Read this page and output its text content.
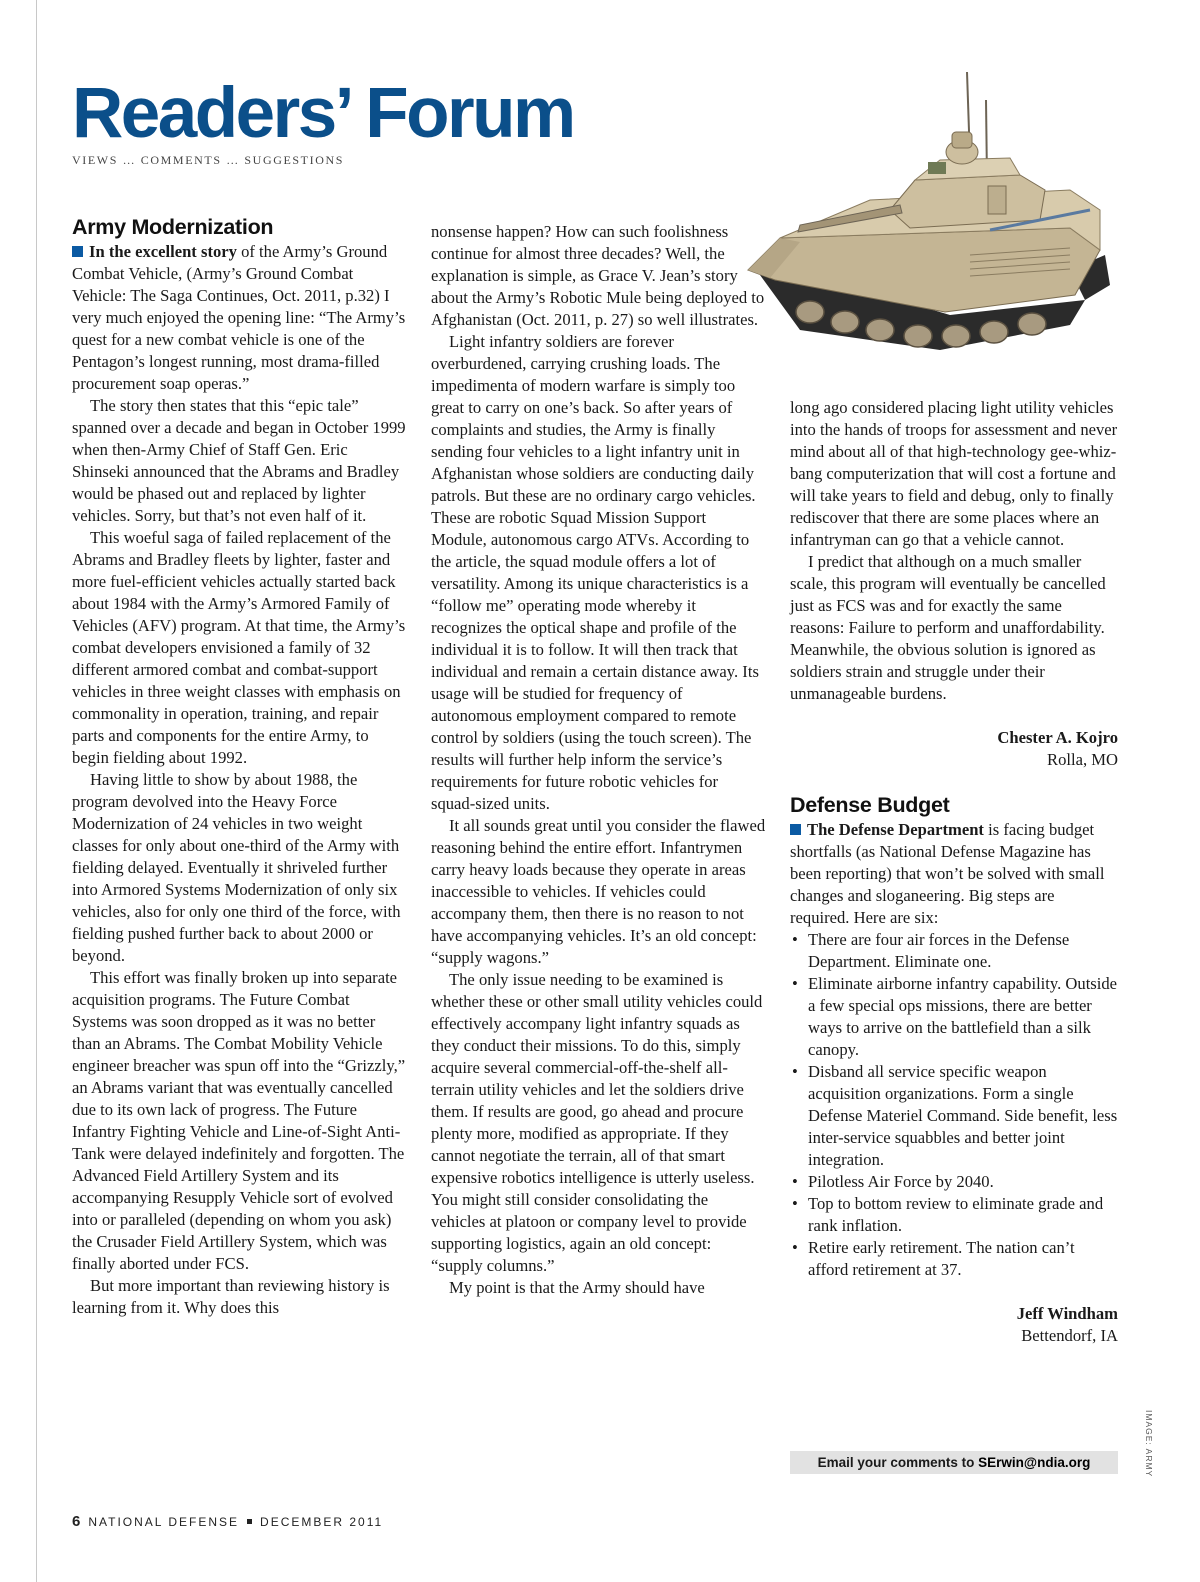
Readers’ Forum
VIEWS … COMMENTS … SUGGESTIONS
Army Modernization

In the excellent story of the Army’s Ground Combat Vehicle, (Army’s Ground Combat Vehicle: The Saga Continues, Oct. 2011, p.32) I very much enjoyed the opening line: “The Army’s quest for a new combat vehicle is one of the Pentagon’s longest running, most drama-filled procurement soap operas.”

The story then states that this “epic tale” spanned over a decade and began in October 1999 when then-Army Chief of Staff Gen. Eric Shinseki announced that the Abrams and Bradley would be phased out and replaced by lighter vehicles. Sorry, but that’s not even half of it.

This woeful saga of failed replacement of the Abrams and Bradley fleets by lighter, faster and more fuel-efficient vehicles actually started back about 1984 with the Army’s Armored Family of Vehicles (AFV) program. At that time, the Army’s combat developers envisioned a family of 32 different armored combat and combat-support vehicles in three weight classes with emphasis on commonality in operation, training, and repair parts and components for the entire Army, to begin fielding about 1992.

Having little to show by about 1988, the program devolved into the Heavy Force Modernization of 24 vehicles in two weight classes for only about one-third of the Army with fielding delayed. Eventually it shriveled further into Armored Systems Modernization of only six vehicles, also for only one third of the force, with fielding pushed further back to about 2000 or beyond.

This effort was finally broken up into separate acquisition programs. The Future Combat Systems was soon dropped as it was no better than an Abrams. The Combat Mobility Vehicle engineer breacher was spun off into the “Grizzly,” an Abrams variant that was eventually cancelled due to its own lack of progress. The Future Infantry Fighting Vehicle and Line-of-Sight Anti-Tank were delayed indefinitely and forgotten. The Advanced Field Artillery System and its accompanying Resupply Vehicle sort of evolved into or paralleled (depending on whom you ask) the Crusader Field Artillery System, which was finally aborted under FCS.

But more important than reviewing history is learning from it. Why does this

nonsense happen? How can such foolishness continue for almost three decades? Well, the explanation is simple, as Grace V. Jean’s story about the Army’s Robotic Mule being deployed to Afghanistan (Oct. 2011, p. 27) so well illustrates.

Light infantry soldiers are forever overburdened, carrying crushing loads. The impedimenta of modern warfare is simply too great to carry on one’s back. So after years of complaints and studies, the Army is finally sending four vehicles to a light infantry unit in Afghanistan whose soldiers are conducting daily patrols. But these are no ordinary cargo vehicles. These are robotic Squad Mission Support Module, autonomous cargo ATVs. According to the article, the squad module offers a lot of versatility. Among its unique characteristics is a “follow me” operating mode whereby it recognizes the optical shape and profile of the individual it is to follow. It will then track that individual and remain a certain distance away. Its usage will be studied for frequency of autonomous employment compared to remote control by soldiers (using the touch screen). The results will further help inform the service’s requirements for future robotic vehicles for squad-sized units.

It all sounds great until you consider the flawed reasoning behind the entire effort. Infantrymen carry heavy loads because they operate in areas inaccessible to vehicles. If vehicles could accompany them, then there is no reason to not have accompanying vehicles. It’s an old concept: “supply wagons.”

The only issue needing to be examined is whether these or other small utility vehicles could effectively accompany light infantry squads as they conduct their missions. To do this, simply acquire several commercial-off-the-shelf all-terrain utility vehicles and let the soldiers drive them. If results are good, go ahead and procure plenty more, modified as appropriate. If they cannot negotiate the terrain, all of that smart expensive robotics intelligence is utterly useless. You might still consider consolidating the vehicles at platoon or company level to provide supporting logistics, again an old concept: “supply columns.”

My point is that the Army should have

long ago considered placing light utility vehicles into the hands of troops for assessment and never mind about all of that high-technology gee-whiz-bang computerization that will cost a fortune and will take years to field and debug, only to finally rediscover that there are some places where an infantryman can go that a vehicle cannot.

I predict that although on a much smaller scale, this program will eventually be cancelled just as FCS was and for exactly the same reasons: Failure to perform and unaffordability. Meanwhile, the obvious solution is ignored as soldiers strain and struggle under their unmanageable burdens.

Chester A. Kojro
Rolla, MO
Defense Budget

The Defense Department is facing budget shortfalls (as National Defense Magazine has been reporting) that won’t be solved with small changes and sloganeering. Big steps are required. Here are six:

• There are four air forces in the Defense Department. Eliminate one.
• Eliminate airborne infantry capability. Outside a few special ops missions, there are better ways to arrive on the battlefield than a silk canopy.
• Disband all service specific weapon acquisition organizations. Form a single Defense Materiel Command. Side benefit, less inter-service squabbles and better joint integration.
• Pilotless Air Force by 2040.
• Top to bottom review to eliminate grade and rank inflation.
• Retire early retirement. The nation can’t afford retirement at 37.
Jeff Windham
Bettendorf, IA
Email your comments to SErwin@ndia.org	IMAGE: ARMY
6 NATIONAL DEFENSE DECEMBER 2011
